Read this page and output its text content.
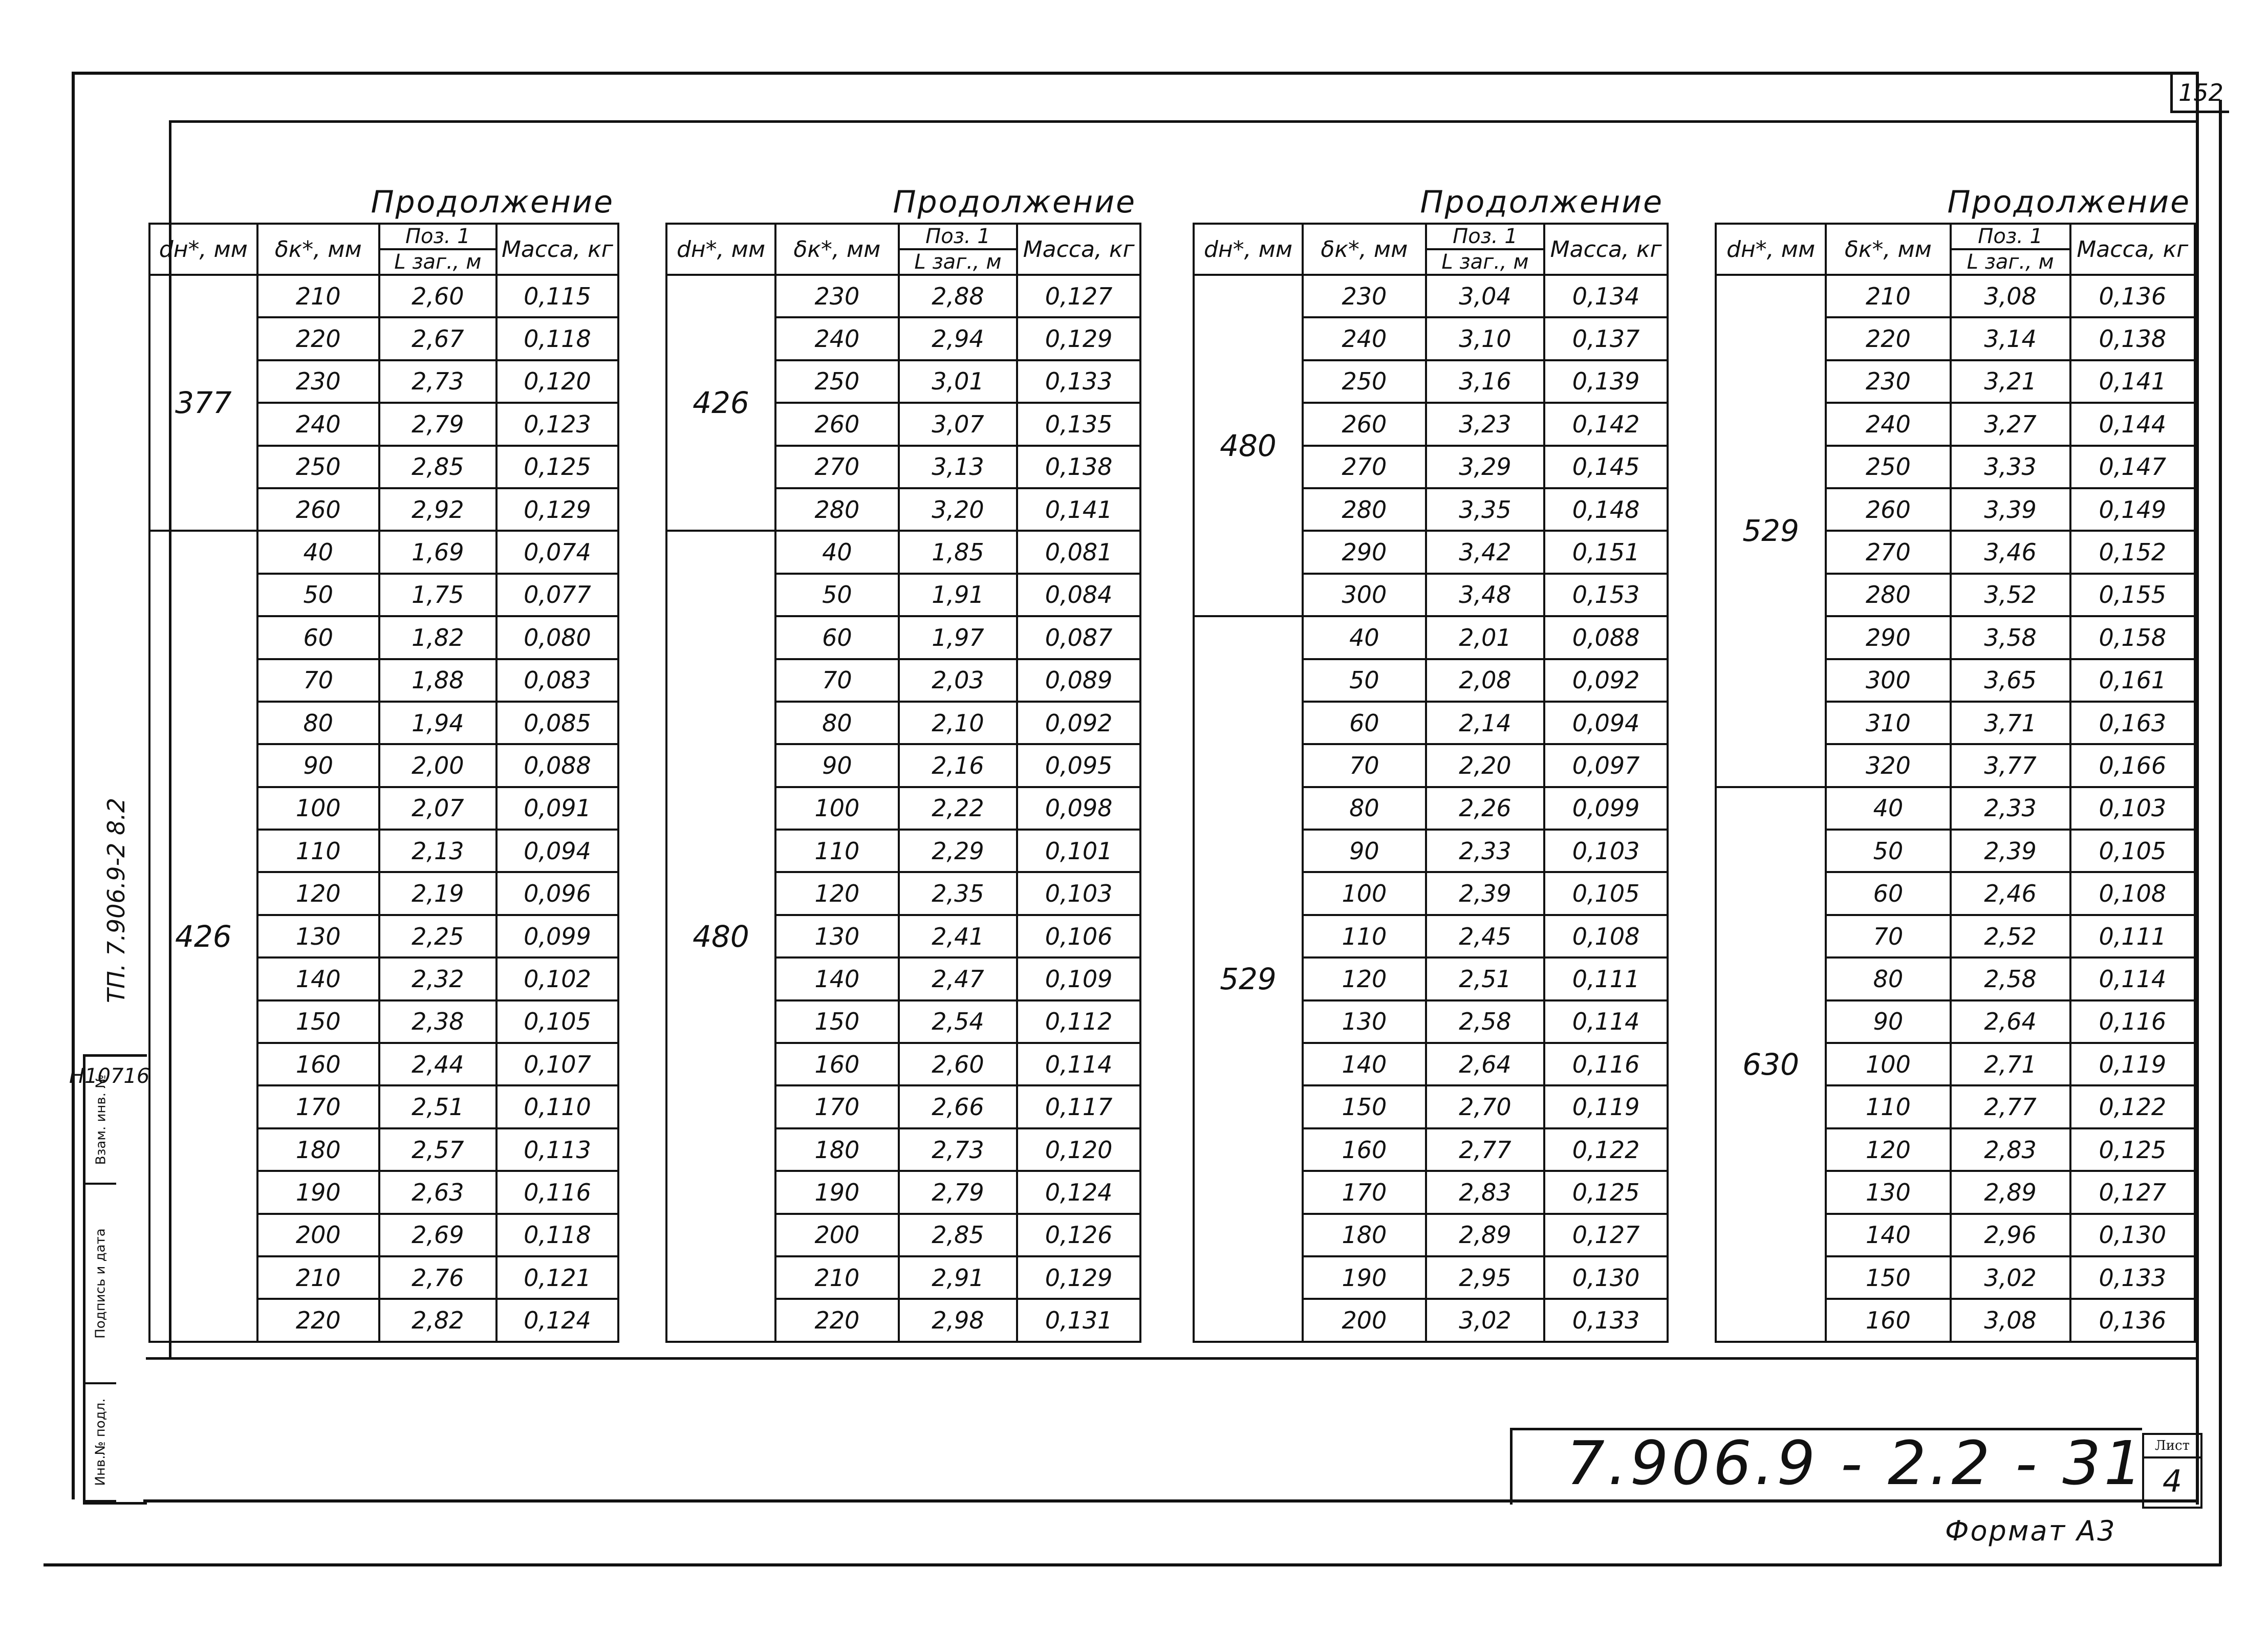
152
Продолжение
dн*, мм	δк*, мм	Поз. 1	Масса, кг
		L заг., м	
377	210	2,60	0,115
	220	2,67	0,118
	230	2,73	0,120
	240	2,79	0,123
	250	2,85	0,125
	260	2,92	0,129
426	40	1,69	0,074
	50	1,75	0,077
	60	1,82	0,080
	70	1,88	0,083
	80	1,94	0,085
	90	2,00	0,088
	100	2,07	0,091
	110	2,13	0,094
	120	2,19	0,096
	130	2,25	0,099
	140	2,32	0,102
	150	2,38	0,105
	160	2,44	0,107
	170	2,51	0,110
	180	2,57	0,113
	190	2,63	0,116
	200	2,69	0,118
	210	2,76	0,121
	220	2,82	0,124
Продолжение
dн*, мм	δк*, мм	Поз. 1	Масса, кг
		L заг., м	
426	230	2,88	0,127
	240	2,94	0,129
	250	3,01	0,133
	260	3,07	0,135
	270	3,13	0,138
	280	3,20	0,141
480	40	1,85	0,081
	50	1,91	0,084
	60	1,97	0,087
	70	2,03	0,089
	80	2,10	0,092
	90	2,16	0,095
	100	2,22	0,098
	110	2,29	0,101
	120	2,35	0,103
	130	2,41	0,106
	140	2,47	0,109
	150	2,54	0,112
	160	2,60	0,114
	170	2,66	0,117
	180	2,73	0,120
	190	2,79	0,124
	200	2,85	0,126
	210	2,91	0,129
	220	2,98	0,131
Продолжение
dн*, мм	δк*, мм	Поз. 1	Масса, кг
		L заг., м	
480	230	3,04	0,134
	240	3,10	0,137
	250	3,16	0,139
	260	3,23	0,142
	270	3,29	0,145
	280	3,35	0,148
	290	3,42	0,151
	300	3,48	0,153
529	40	2,01	0,088
	50	2,08	0,092
	60	2,14	0,094
	70	2,20	0,097
	80	2,26	0,099
	90	2,33	0,103
	100	2,39	0,105
	110	2,45	0,108
	120	2,51	0,111
	130	2,58	0,114
	140	2,64	0,116
	150	2,70	0,119
	160	2,77	0,122
	170	2,83	0,125
	180	2,89	0,127
	190	2,95	0,130
	200	3,02	0,133
Продолжение
dн*, мм	δк*, мм	Поз. 1	Масса, кг
		L заг., м	
529	210	3,08	0,136
	220	3,14	0,138
	230	3,21	0,141
	240	3,27	0,144
	250	3,33	0,147
	260	3,39	0,149
	270	3,46	0,152
	280	3,52	0,155
	290	3,58	0,158
	300	3,65	0,161
	310	3,71	0,163
	320	3,77	0,166
630	40	2,33	0,103
	50	2,39	0,105
	60	2,46	0,108
	70	2,52	0,111
	80	2,58	0,114
	90	2,64	0,116
	100	2,71	0,119
	110	2,77	0,122
	120	2,83	0,125
	130	2,89	0,127
	140	2,96	0,130
	150	3,02	0,133
	160	3,08	0,136
ТП. 7.906.9-2 8.2
Н10716
Инв.№ подл.
Подпись и дата
Взам. инв. №
7.906.9 - 2.2 - 31 Лист
4
Формат А3
